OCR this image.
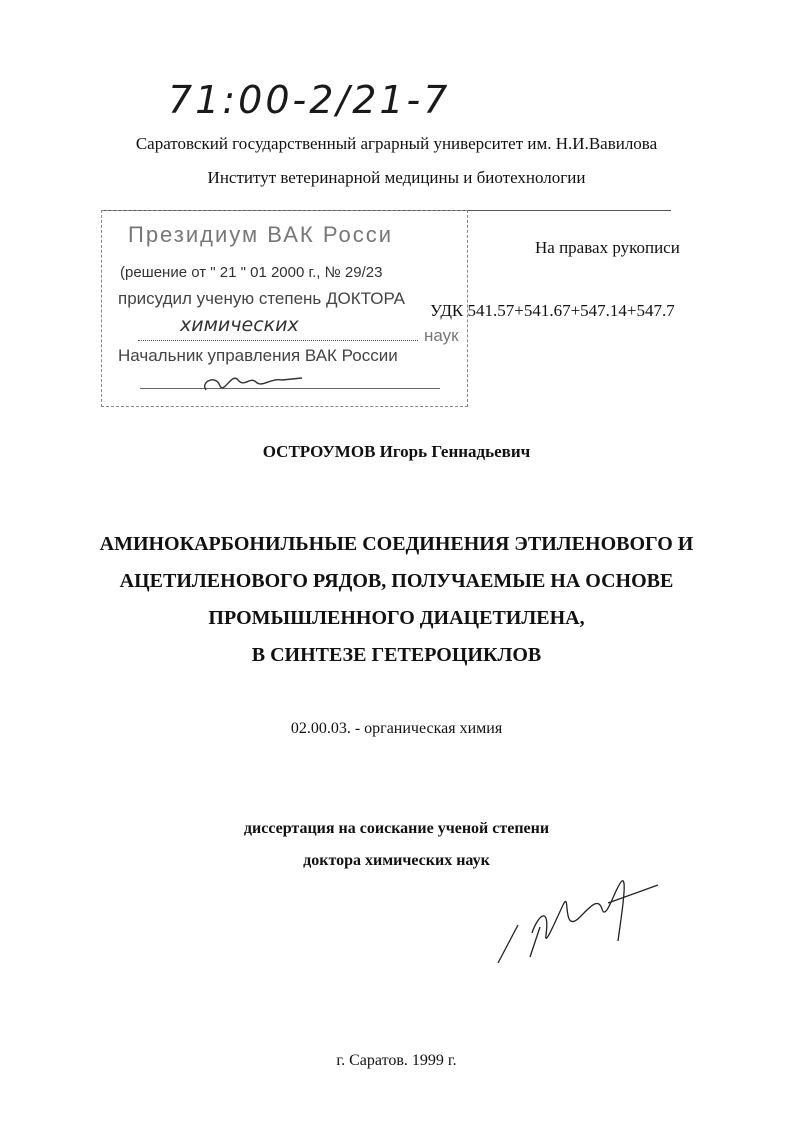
71:00-2/21-7
Саратовский государственный аграрный университет им. Н.И.Вавилова
Институт ветеринарной медицины и биотехнологии
Президиум ВАК Росси
(решение от " 21 " 01 2000 г., № 29/23
присудил ученую степень ДОКТОРА
химических	наук
Начальник управления ВАК России
На правах рукописи
УДК 541.57+541.67+547.14+547.7
ОСТРОУМОВ Игорь Геннадьевич
АМИНОКАРБОНИЛЬНЫЕ СОЕДИНЕНИЯ ЭТИЛЕНОВОГО И
АЦЕТИЛЕНОВОГО РЯДОВ, ПОЛУЧАЕМЫЕ НА ОСНОВЕ
ПРОМЫШЛЕННОГО ДИАЦЕТИЛЕНА,
В СИНТЕЗЕ ГЕТЕРОЦИКЛОВ
02.00.03. - органическая химия
диссертация на соискание ученой степени
доктора химических наук
г. Саратов. 1999 г.
